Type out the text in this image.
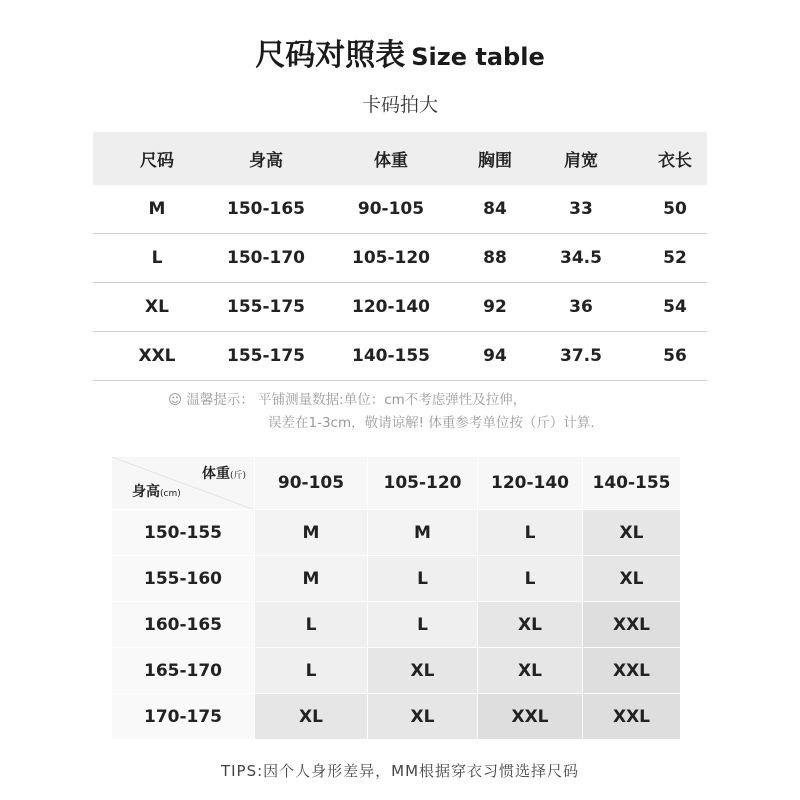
尺码对照表 Size table
卡码拍大
尺码	身高	体重	胸围	肩宽	衣长
M	150-165	90-105	84	33	50
L	150-170	105-120	88	34.5	52
XL	155-175	120-140	92	36	54
XXL	155-175	140-155	94	37.5	56
☺ 温馨提示： 平铺测量数据:单位：cm不考虑弹性及拉伸，
误差在1-3cm，敬请谅解! 体重参考单位按（斤）计算.
体重(斤)
身高(cm)
90-105	105-120	120-140	140-155
150-155	M	M	L	XL
155-160	M	L	L	XL
160-165	L	L	XL	XXL
165-170	L	XL	XL	XXL
170-175	XL	XL	XXL	XXL
TIPS:因个人身形差异，MM根据穿衣习惯选择尺码
